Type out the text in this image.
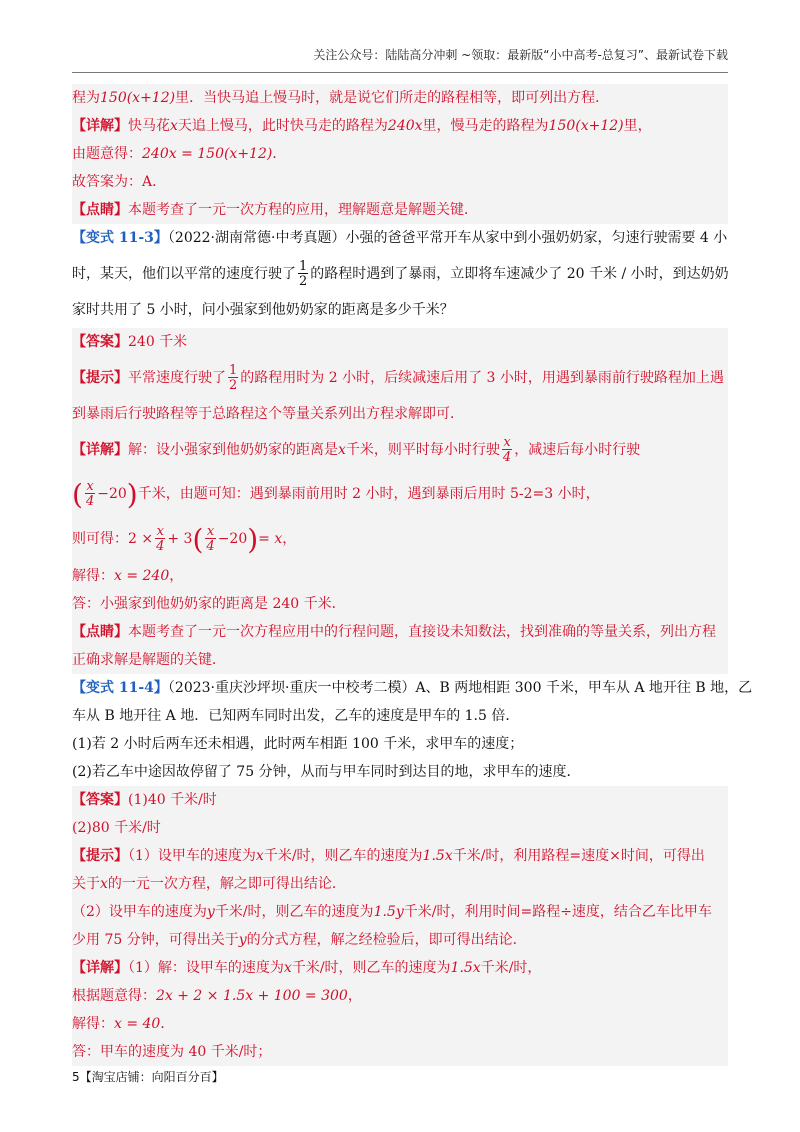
关注公众号：陆陆高分冲刺 ~领取：最新版“小中高考-总复习”、最新试卷下载
程为150(x+12)里．当快马追上慢马时，就是说它们所走的路程相等，即可列出方程．
【详解】快马花x天追上慢马，此时快马走的路程为240x里，慢马走的路程为150(x+12)里，
由题意得：240x = 150(x+12)．
故答案为：A．
【点睛】本题考查了一元一次方程的应用，理解题意是解题关键．
【变式 11-3】（2022·湖南常德·中考真题）小强的爸爸平常开车从家中到小强奶奶家，匀速行驶需要 4 小
时，某天，他们以平常的速度行驶了 $\frac{1}{2}$ 的路程时遇到了暴雨，立即将车速减少了 20 千米 / 小时，到达奶奶
家时共用了 5 小时，问小强家到他奶奶家的距离是多少千米？
【答案】240 千米
【提示】平常速度行驶了 $\frac{1}{2}$ 的路程用时为 2 小时，后续减速后用了 3 小时，用遇到暴雨前行驶路程加上遇
到暴雨后行驶路程等于总路程这个等量关系列出方程求解即可．
【详解】解：设小强家到他奶奶家的距离是x千米，则平时每小时行驶 $\frac{x}{4}$ ，减速后每小时行驶
( $\frac{x}{4} -20$)千米，由题可知：遇到暴雨前用时 2 小时，遇到暴雨后用时 5-2=3 小时，
则可得：$2 \times \frac{x}{4} + 3( \frac{x}{4} -20)= x$，
解得：x = 240，
答：小强家到他奶奶家的距离是 240 千米．
【点睛】本题考查了一元一次方程应用中的行程问题，直接设未知数法，找到准确的等量关系，列出方程
正确求解是解题的关键．
【变式 11-4】（2023·重庆沙坪坝·重庆一中校考二模）A、B 两地相距 300 千米，甲车从 A 地开往 B 地，乙
车从 B 地开往 A 地．已知两车同时出发，乙车的速度是甲车的 1.5 倍．
(1)若 2 小时后两车还未相遇，此时两车相距 100 千米，求甲车的速度；
(2)若乙车中途因故停留了 75 分钟，从而与甲车同时到达目的地，求甲车的速度．
【答案】(1)40 千米/时
(2)80 千米/时
【提示】（1）设甲车的速度为x千米/时，则乙车的速度为1.5x千米/时，利用路程=速度×时间，可得出
关于x的一元一次方程，解之即可得出结论．
（2）设甲车的速度为y千米/时，则乙车的速度为1.5y千米/时，利用时间=路程÷速度，结合乙车比甲车
少用 75 分钟，可得出关于y的分式方程，解之经检验后，即可得出结论．
【详解】（1）解：设甲车的速度为x千米/时，则乙车的速度为1.5x千米/时，
根据题意得：2x + 2 × 1.5x + 100 = 300，
解得：x = 40．
答：甲车的速度为 40 千米/时；
5【淘宝店铺：向阳百分百】
